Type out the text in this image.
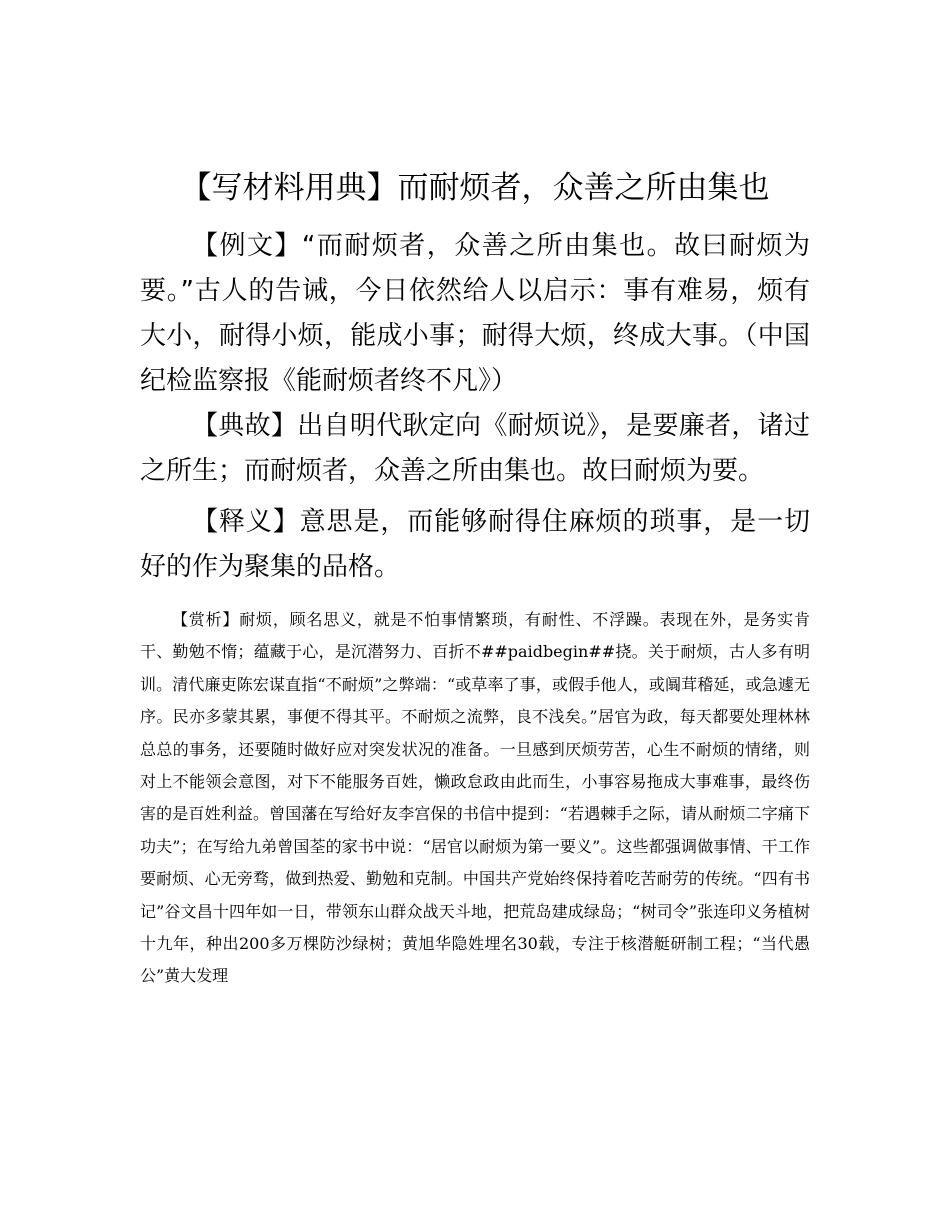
【写材料用典】而耐烦者，众善之所由集也

【例文】“而耐烦者，众善之所由集也。故曰耐烦为要。”古人的告诫，今日依然给人以启示：事有难易，烦有大小，耐得小烦，能成小事；耐得大烦，终成大事。（中国纪检监察报《能耐烦者终不凡》）

【典故】出自明代耿定向《耐烦说》，是要廉者，诸过之所生；而耐烦者，众善之所由集也。故曰耐烦为要。

【释义】意思是，而能够耐得住麻烦的琐事，是一切好的作为聚集的品格。

【赏析】耐烦，顾名思义，就是不怕事情繁琐，有耐性、不浮躁。表现在外，是务实肯干、勤勉不惰；蕴藏于心，是沉潜努力、百折不##paidbegin##挠。关于耐烦，古人多有明训。清代廉吏陈宏谋直指“不耐烦”之弊端：“或草率了事，或假手他人，或阘茸稽延，或急遽无序。民亦多蒙其累，事便不得其平。不耐烦之流弊，良不浅矣。”居官为政，每天都要处理林林总总的事务，还要随时做好应对突发状况的准备。一旦感到厌烦劳苦，心生不耐烦的情绪，则对上不能领会意图，对下不能服务百姓，懒政怠政由此而生，小事容易拖成大事难事，最终伤害的是百姓利益。曾国藩在写给好友李宫保的书信中提到：“若遇棘手之际，请从耐烦二字痛下功夫”；在写给九弟曾国荃的家书中说：“居官以耐烦为第一要义”。这些都强调做事情、干工作要耐烦、心无旁骛，做到热爱、勤勉和克制。中国共产党始终保持着吃苦耐劳的传统。“四有书记”谷文昌十四年如一日，带领东山群众战天斗地，把荒岛建成绿岛；“树司令”张连印义务植树十九年，种出200多万棵防沙绿树；黄旭华隐姓埋名30载，专注于核潜艇研制工程；“当代愚公”黄大发理
